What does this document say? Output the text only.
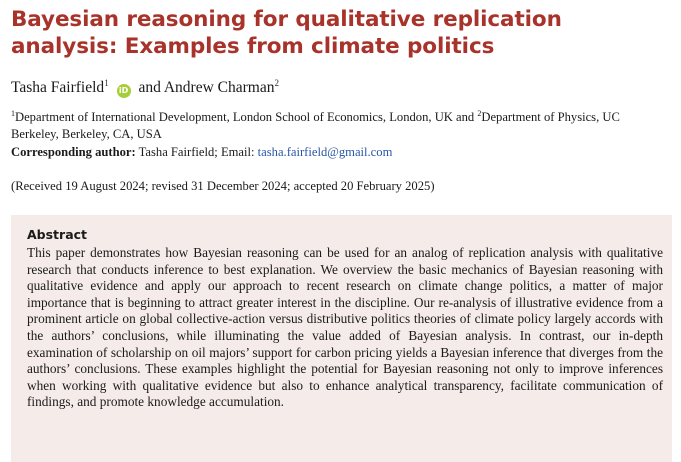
Bayesian reasoning for qualitative replication analysis: Examples from climate politics
Tasha Fairfield$^1$ iD and Andrew Charman$^2$
$^1$Department of International Development, London School of Economics, London, UK and $^2$Department of Physics, UC Berkeley, Berkeley, CA, USA
Corresponding author: Tasha Fairfield; Email: tasha.fairfield@gmail.com
(Received 19 August 2024; revised 31 December 2024; accepted 20 February 2025)
Abstract
This paper demonstrates how Bayesian reasoning can be used for an analog of replication analysis with qualitative research that conducts inference to best explanation. We overview the basic mechanics of Bayesian reasoning with qualitative evidence and apply our approach to recent research on climate change politics, a matter of major importance that is beginning to attract greater interest in the discipline. Our re-analysis of illustrative evidence from a prominent article on global collective-action versus distributive politics theories of climate policy largely accords with the authors’ conclusions, while illuminating the value added of Bayesian analysis. In contrast, our in-depth examination of scholarship on oil majors’ support for carbon pricing yields a Bayesian inference that diverges from the authors’ conclusions. These examples highlight the potential for Bayesian reasoning not only to improve inferences when working with qualitative evidence but also to enhance analytical transparency, facilitate communication of findings, and promote knowledge accumulation.
